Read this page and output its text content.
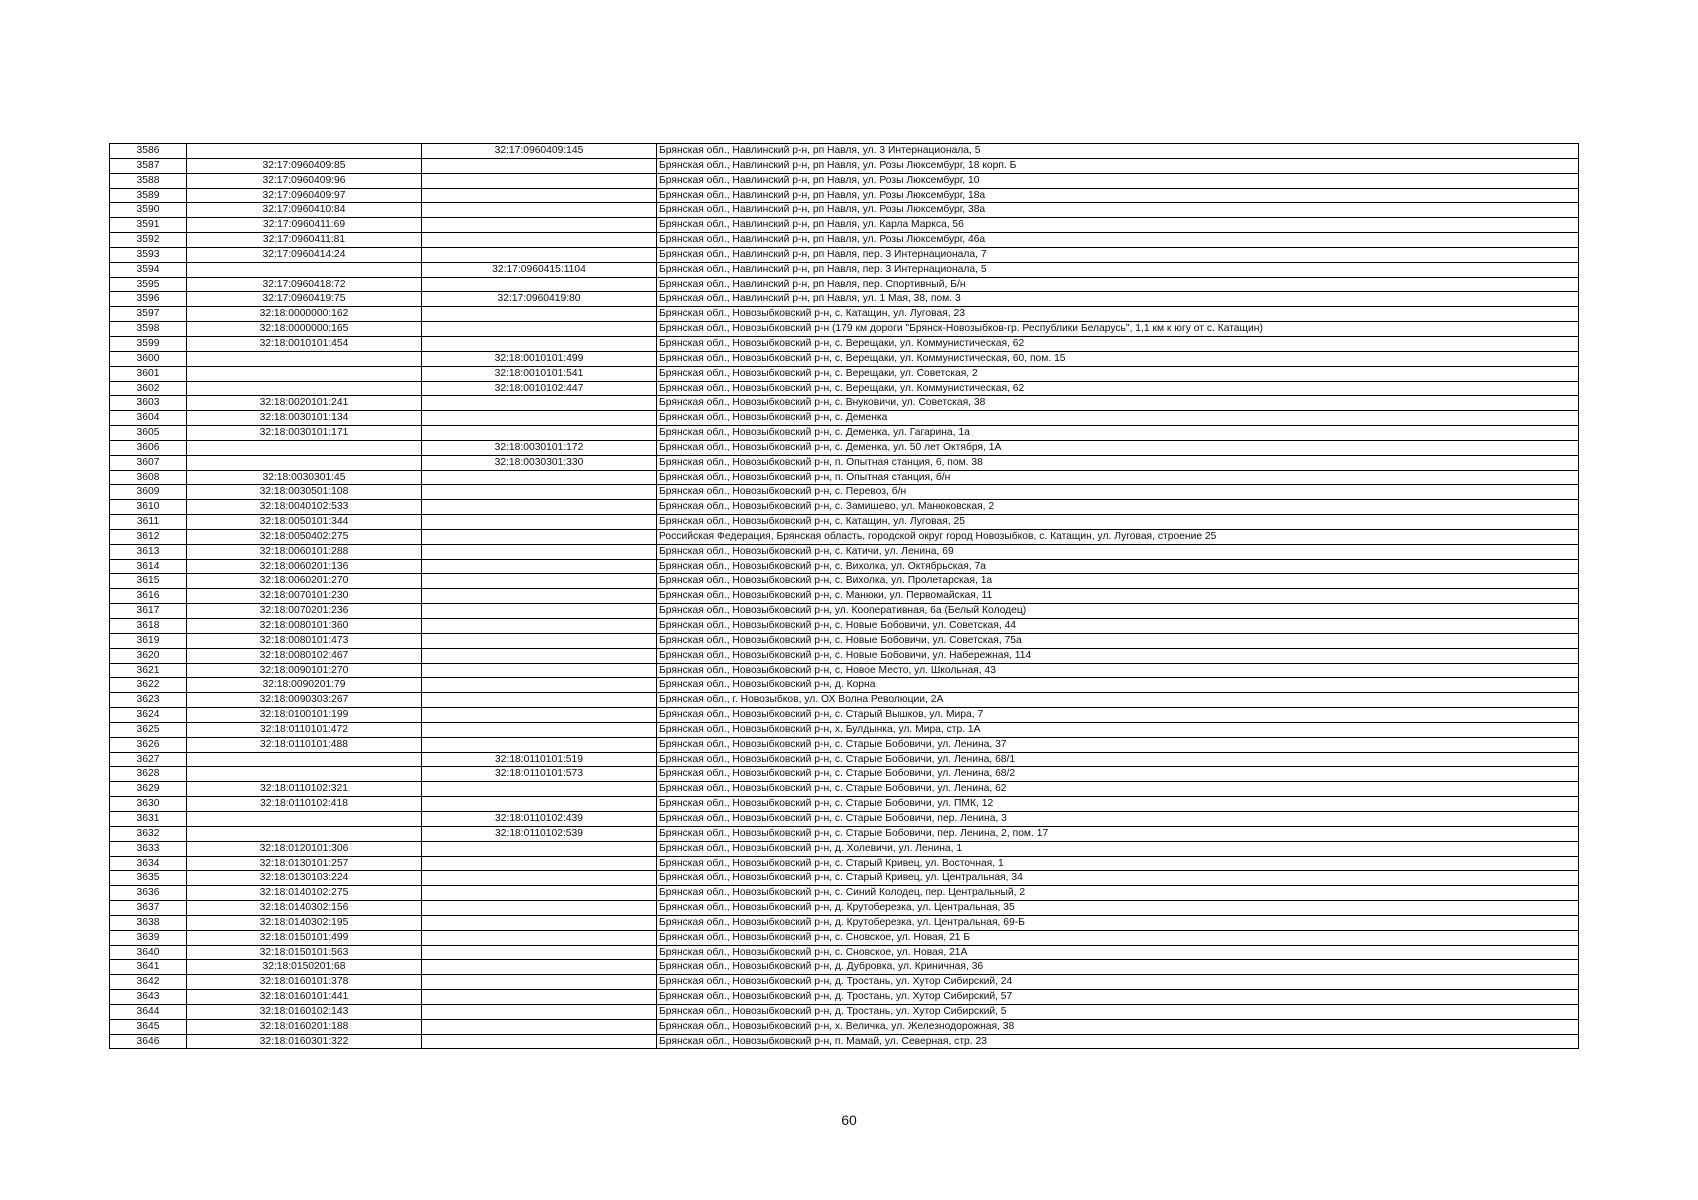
3586		32:17:0960409:145	Брянская обл., Навлинский р-н, рп Навля, ул. 3 Интернационала, 5
3587	32:17:0960409:85		Брянская обл., Навлинский р-н, рп Навля, ул. Розы Люксембург, 18 корп. Б
3588	32:17:0960409:96		Брянская обл., Навлинский р-н, рп Навля, ул. Розы Люксембург, 10
3589	32:17:0960409:97		Брянская обл., Навлинский р-н, рп Навля, ул. Розы Люксембург, 18а
3590	32:17:0960410:84		Брянская обл., Навлинский р-н, рп Навля, ул. Розы Люксембург, 38а
3591	32:17:0960411:69		Брянская обл., Навлинский р-н, рп Навля, ул. Карла Маркса, 56
3592	32:17:0960411:81		Брянская обл., Навлинский р-н, рп Навля, ул. Розы Люксембург, 46а
3593	32:17:0960414:24		Брянская обл., Навлинский р-н, рп Навля, пер. 3 Интернационала, 7
3594		32:17:0960415:1104	Брянская обл., Навлинский р-н, рп Навля, пер. 3 Интернационала, 5
3595	32:17:0960418:72		Брянская обл., Навлинский р-н, рп Навля, пер. Спортивный, Б/н
3596	32:17:0960419:75	32:17:0960419:80	Брянская обл., Навлинский р-н, рп Навля, ул. 1 Мая, 38, пом. 3
3597	32:18:0000000:162		Брянская обл., Новозыбковский р-н, с. Катащин, ул. Луговая, 23
3598	32:18:0000000:165		Брянская обл., Новозыбковский р-н (179 км дороги "Брянск-Новозыбков-гр. Республики Беларусь", 1,1 км к югу от с. Катащин)
3599	32:18:0010101:454		Брянская обл., Новозыбковский р-н, с. Верещаки, ул. Коммунистическая, 62
3600		32:18:0010101:499	Брянская обл., Новозыбковский р-н, с. Верещаки, ул. Коммунистическая, 60, пом. 15
3601		32:18:0010101:541	Брянская обл., Новозыбковский р-н, с. Верещаки, ул. Советская, 2
3602		32:18:0010102:447	Брянская обл., Новозыбковский р-н, с. Верещаки, ул. Коммунистическая, 62
3603	32:18:0020101:241		Брянская обл., Новозыбковский р-н, с. Внуковичи, ул. Советская, 38
3604	32:18:0030101:134		Брянская обл., Новозыбковский р-н, с. Деменка
3605	32:18:0030101:171		Брянская обл., Новозыбковский р-н, с. Деменка, ул. Гагарина, 1а
3606		32:18:0030101:172	Брянская обл., Новозыбковский р-н, с. Деменка, ул. 50 лет Октября, 1А
3607		32:18:0030301:330	Брянская обл., Новозыбковский р-н, п. Опытная станция, 6, пом. 38
3608	32:18:0030301:45		Брянская обл., Новозыбковский р-н, п. Опытная станция, б/н
3609	32:18:0030501:108		Брянская обл., Новозыбковский р-н, с. Перевоз, б/н
3610	32:18:0040102:533		Брянская обл., Новозыбковский р-н, с. Замишево, ул. Манюковская, 2
3611	32:18:0050101:344		Брянская обл., Новозыбковский р-н, с. Катащин, ул. Луговая, 25
3612	32:18:0050402:275		Российская Федерация, Брянская область, городской округ город Новозыбков, с. Катащин, ул. Луговая, строение 25
3613	32:18:0060101:288		Брянская обл., Новозыбковский р-н, с. Катичи, ул. Ленина, 69
3614	32:18:0060201:136		Брянская обл., Новозыбковский р-н, с. Вихолка, ул. Октябрьская, 7а
3615	32:18:0060201:270		Брянская обл., Новозыбковский р-н, с. Вихолка, ул. Пролетарская, 1а
3616	32:18:0070101:230		Брянская обл., Новозыбковский р-н, с. Манюки, ул. Первомайская, 11
3617	32:18:0070201:236		Брянская обл., Новозыбковский р-н, ул. Кооперативная, 6а (Белый Колодец)
3618	32:18:0080101:360		Брянская обл., Новозыбковский р-н, с. Новые Бобовичи, ул. Советская, 44
3619	32:18:0080101:473		Брянская обл., Новозыбковский р-н, с. Новые Бобовичи, ул. Советская, 75а
3620	32:18:0080102:467		Брянская обл., Новозыбковский р-н, с. Новые Бобовичи, ул. Набережная, 114
3621	32:18:0090101:270		Брянская обл., Новозыбковский р-н, с. Новое Место, ул. Школьная, 43
3622	32:18:0090201:79		Брянская обл., Новозыбковский р-н, д. Корна
3623	32:18:0090303:267		Брянская обл., г. Новозыбков, ул. ОХ Волна Революции, 2А
3624	32:18:0100101:199		Брянская обл., Новозыбковский р-н, с. Старый Вышков, ул. Мира, 7
3625	32:18:0110101:472		Брянская обл., Новозыбковский р-н, х. Булдынка, ул. Мира, стр. 1А
3626	32:18:0110101:488		Брянская обл., Новозыбковский р-н, с. Старые Бобовичи, ул. Ленина, 37
3627		32:18:0110101:519	Брянская обл., Новозыбковский р-н, с. Старые Бобовичи, ул. Ленина, 68/1
3628		32:18:0110101:573	Брянская обл., Новозыбковский р-н, с. Старые Бобовичи, ул. Ленина, 68/2
3629	32:18:0110102:321		Брянская обл., Новозыбковский р-н, с. Старые Бобовичи, ул. Ленина, 62
3630	32:18:0110102:418		Брянская обл., Новозыбковский р-н, с. Старые Бобовичи, ул. ПМК, 12
3631		32:18:0110102:439	Брянская обл., Новозыбковский р-н, с. Старые Бобовичи, пер. Ленина, 3
3632		32:18:0110102:539	Брянская обл., Новозыбковский р-н, с. Старые Бобовичи, пер. Ленина, 2, пом. 17
3633	32:18:0120101:306		Брянская обл., Новозыбковский р-н, д. Холевичи, ул. Ленина, 1
3634	32:18:0130101:257		Брянская обл., Новозыбковский р-н, с. Старый Кривец, ул. Восточная, 1
3635	32:18:0130103:224		Брянская обл., Новозыбковский р-н, с. Старый Кривец, ул. Центральная, 34
3636	32:18:0140102:275		Брянская обл., Новозыбковский р-н, с. Синий Колодец, пер. Центральный, 2
3637	32:18:0140302:156		Брянская обл., Новозыбковский р-н, д. Крутоберезка, ул. Центральная, 35
3638	32:18:0140302:195		Брянская обл., Новозыбковский р-н, д. Крутоберезка, ул. Центральная, 69-Б
3639	32:18:0150101:499		Брянская обл., Новозыбковский р-н, с. Сновское, ул. Новая, 21 Б
3640	32:18:0150101:563		Брянская обл., Новозыбковский р-н, с. Сновское, ул. Новая, 21А
3641	32:18:0150201:68		Брянская обл., Новозыбковский р-н, д. Дубровка, ул. Криничная, 36
3642	32:18:0160101:378		Брянская обл., Новозыбковский р-н, д. Тростань, ул. Хутор Сибирский, 24
3643	32:18:0160101:441		Брянская обл., Новозыбковский р-н, д. Тростань, ул. Хутор Сибирский, 57
3644	32:18:0160102:143		Брянская обл., Новозыбковский р-н, д. Тростань, ул. Хутор Сибирский, 5
3645	32:18:0160201:188		Брянская обл., Новозыбковский р-н, х. Величка, ул. Железнодорожная, 38
3646	32:18:0160301:322		Брянская обл., Новозыбковский р-н, п. Мамай, ул. Северная, стр. 23
60
